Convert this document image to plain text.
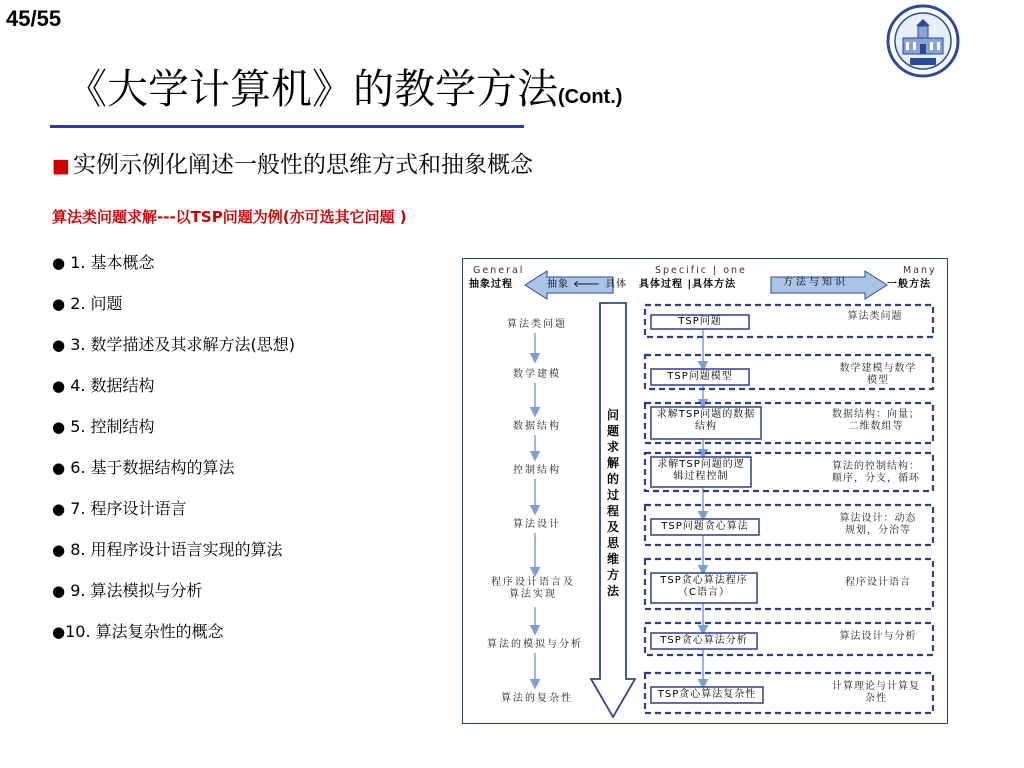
45/55
《大学计算机》的教学方法(Cont.)
■ 实例示例化阐述一般性的思维方式和抽象概念
算法类问题求解---以TSP问题为例(亦可选其它问题 )
● 1. 基本概念
● 2. 问题
● 3. 数学描述及其求解方法(思想)
● 4. 数据结构
● 5. 控制结构
● 6. 基于数据结构的算法
● 7. 程序设计语言
● 8. 用程序设计语言实现的算法
● 9. 算法模拟与分析
●10. 算法复杂性的概念
General	Specific | one	Many
抽象过程	抽象 🡐 具体 具体过程 |具体方法	方法与知识	一般方法
算法类问题
数学建模
数据结构
控制结构
算法设计
程序设计语言及
算法实现
算法的模拟与分析
算法的复杂性
问题求解的过程及思维方法
TSP问题
TSP问题模型
求解TSP问题的数据
结构
求解TSP问题的逻
辑过程控制
TSP问题贪心算法
TSP贪心算法程序
（C语言）
TSP贪心算法分析
TSP贪心算法复杂性
算法类问题
数学建模与数学
模型
数据结构：向量；
二维数组等
算法的控制结构：
顺序，分支，循环
算法设计：动态
规划，分治等
程序设计语言
算法设计与分析
计算理论与计算复
杂性
